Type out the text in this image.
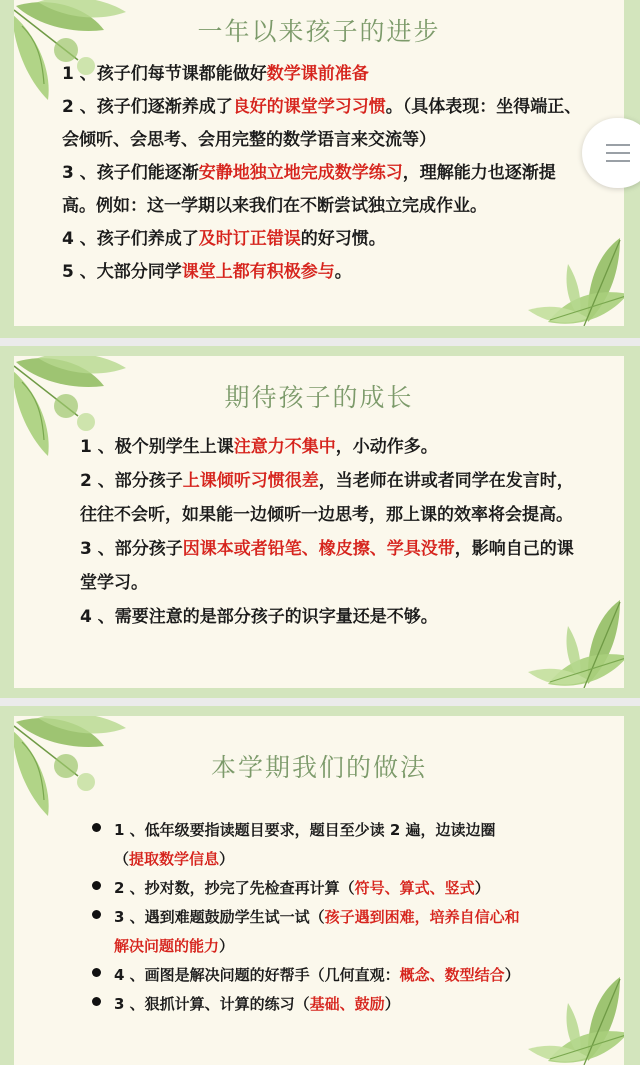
一年以来孩子的进步

1 、孩子们每节课都能做好数学课前准备

2 、孩子们逐渐养成了良好的课堂学习习惯。（具体表现：坐得端正、会倾听、会思考、会用完整的数学语言来交流等）

3 、孩子们能逐渐安静地独立地完成数学练习，理解能力也逐渐提高。例如：这一学期以来我们在不断尝试独立完成作业。

4 、孩子们养成了及时订正错误的好习惯。

5 、大部分同学课堂上都有积极参与。

期待孩子的成长

1 、极个别学生上课注意力不集中，小动作多。

2 、部分孩子上课倾听习惯很差，当老师在讲或者同学在发言时，往往不会听，如果能一边倾听一边思考，那上课的效率将会提高。

3 、部分孩子因课本或者铅笔、橡皮擦、学具没带，影响自己的课堂学习。

4 、需要注意的是部分孩子的识字量还是不够。

本学期我们的做法

1 、低年级要指读题目要求，题目至少读 2 遍，边读边圈（提取数学信息）

2 、抄对数，抄完了先检查再计算（符号、算式、竖式）

3 、遇到难题鼓励学生试一试（孩子遇到困难，培养自信心和解决问题的能力）

4 、画图是解决问题的好帮手（几何直观：概念、数型结合）

3 、狠抓计算、计算的练习（基础、鼓励）
